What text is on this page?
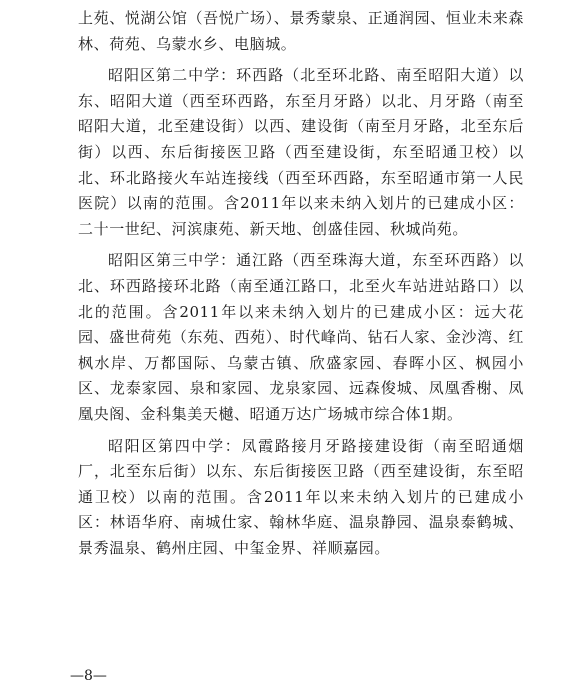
上苑、悦湖公馆（吾悦广场）、景秀蒙泉、正通润园、恒业未来森林、荷苑、乌蒙水乡、电脑城。

昭阳区第二中学：环西路（北至环北路、南至昭阳大道）以东、昭阳大道（西至环西路，东至月牙路）以北、月牙路（南至昭阳大道，北至建设街）以西、建设街（南至月牙路，北至东后街）以西、东后街接医卫路（西至建设街，东至昭通卫校）以北、环北路接火车站连接线（西至环西路，东至昭通市第一人民医院）以南的范围。含2011年以来未纳入划片的已建成小区：二十一世纪、河滨康苑、新天地、创盛佳园、秋城尚苑。

昭阳区第三中学：通江路（西至珠海大道，东至环西路）以北、环西路接环北路（南至通江路口，北至火车站进站路口）以北的范围。含2011年以来未纳入划片的已建成小区：远大花园、盛世荷苑（东苑、西苑）、时代峰尚、钻石人家、金沙湾、红枫水岸、万都国际、乌蒙古镇、欣盛家园、春晖小区、枫园小区、龙泰家园、泉和家园、龙泉家园、远森俊城、凤凰香榭、凤凰央阁、金科集美天樾、昭通万达广场城市综合体1期。

昭阳区第四中学：凤霞路接月牙路接建设街（南至昭通烟厂，北至东后街）以东、东后街接医卫路（西至建设街，东至昭通卫校）以南的范围。含2011年以来未纳入划片的已建成小区：林语华府、南城仕家、翰林华庭、温泉静园、温泉泰鹤城、景秀温泉、鹤州庄园、中玺金界、祥顺嘉园。

—8—
